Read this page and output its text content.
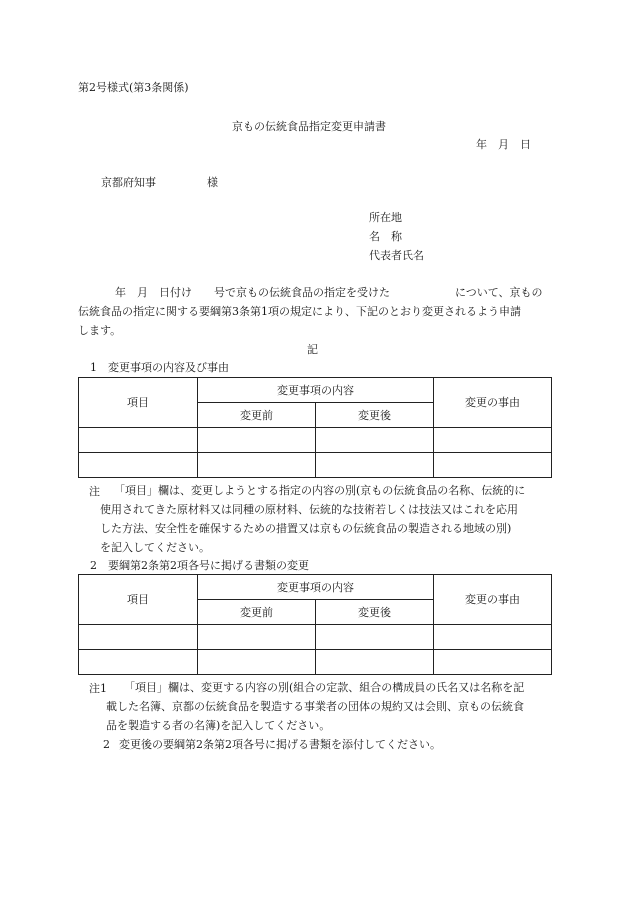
第2号様式(第3条関係)
京もの伝統食品指定変更申請書
年　月　日
京都府知事	様
所在地
名　称
代表者氏名
年　月　日付け　　号で京もの伝統食品の指定を受けた	について、京もの
伝統食品の指定に関する要綱第3条第1項の規定により、下記のとおり変更されるよう申請
します。
記
1　変更事項の内容及び事由
項目	変更事項の内容		変更の事由
	変更前	変更後	

注 「項目」欄は、変更しようとする指定の内容の別(京もの伝統食品の名称、伝統的に
使用されてきた原材料又は同種の原材料、伝統的な技術若しくは技法又はこれを応用
した方法、安全性を確保するための措置又は京もの伝統食品の製造される地域の別)
を記入してください。
2　要綱第2条第2項各号に掲げる書類の変更
項目	変更事項の内容		変更の事由
	変更前	変更後	

注1 「項目」欄は、変更する内容の別(組合の定款、組合の構成員の氏名又は名称を記
載した名簿、京都の伝統食品を製造する事業者の団体の規約又は会則、京もの伝統食
品を製造する者の名簿)を記入してください。
2 変更後の要綱第2条第2項各号に掲げる書類を添付してください。
